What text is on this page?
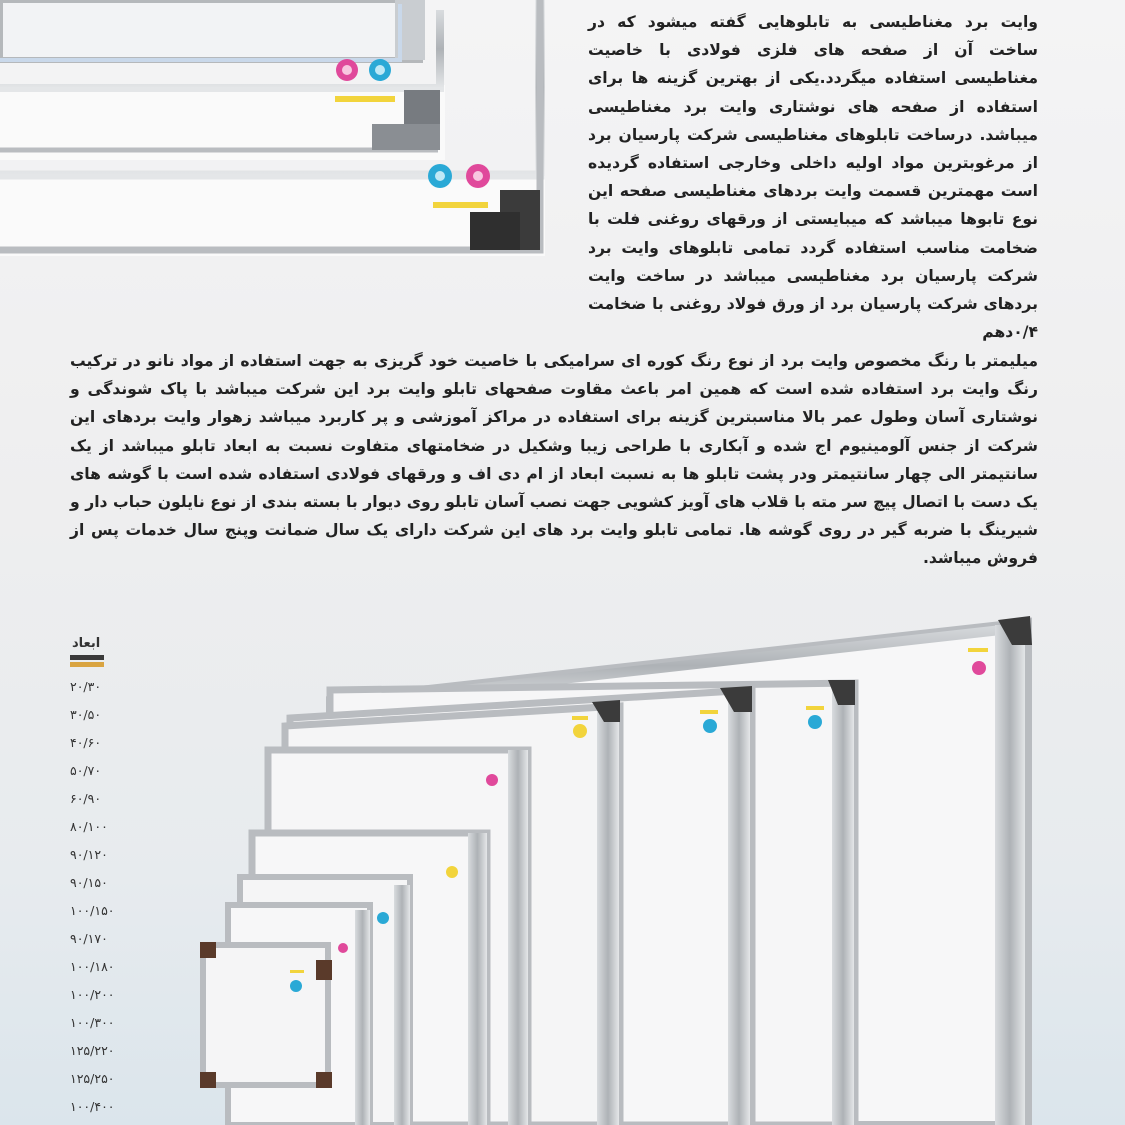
وایت برد مغناطیسی به تابلوهایی گفته میشود که در ساخت آن از صفحه های فلزی فولادی با خاصیت مغناطیسی استفاده میگردد.یکی از بهترین گزینه ها برای استفاده از صفحه های نوشتاری وایت برد مغناطیسی میباشد. درساخت تابلوهای مغناطیسی شرکت پارسیان برد از مرغوبترین مواد اولیه داخلی وخارجی استفاده گردیده است مهمترین قسمت وایت بردهای مغناطیسی صفحه این نوع تابوها میباشد که میبایستی از ورقهای روغنی فلت با ضخامت مناسب استفاده گردد تمامی تابلوهای وایت برد شرکت پارسیان برد مغناطیسی میباشد در ساخت وایت بردهای شرکت پارسیان برد از ورق فولاد روغنی با ضخامت ۰/۴دهم
میلیمتر با رنگ مخصوص وایت برد از نوع رنگ کوره ای سرامیکی با خاصیت خود گریزی به جهت استفاده از مواد نانو در ترکیب رنگ وایت برد استفاده شده است که همین امر باعث مقاوت صفحهای تابلو وایت برد این شرکت میباشد با پاک شوندگی و نوشتاری آسان وطول عمر بالا مناسبترین گزینه برای استفاده در مراکز آموزشی و پر کاربرد میباشد زهوار وایت بردهای این شرکت از جنس آلومینیوم اج شده و آبکاری با طراحی زیبا وشکیل در ضخامتهای متفاوت نسبت به ابعاد تابلو میباشد از یک سانتیمتر الی چهار سانتیمتر ودر پشت تابلو ها به نسبت ابعاد از ام دی اف و ورقهای فولادی استفاده شده است با گوشه های یک دست با اتصال پیچ سر مته با قلاب های آویز کشویی جهت نصب آسان تابلو روی دیوار با بسته بندی از نوع نایلون حباب دار و شیرینگ با ضربه گیر در روی گوشه ها. تمامی تابلو وایت برد های این شرکت دارای یک سال ضمانت وپنج سال خدمات پس از فروش میباشد.
ابعاد
۲۰/۳۰
۳۰/۵۰
۴۰/۶۰
۵۰/۷۰
۶۰/۹۰
۸۰/۱۰۰
۹۰/۱۲۰
۹۰/۱۵۰
۱۰۰/۱۵۰
۹۰/۱۷۰
۱۰۰/۱۸۰
۱۰۰/۲۰۰
۱۰۰/۳۰۰
۱۲۵/۲۲۰
۱۲۵/۲۵۰
۱۰۰/۴۰۰
